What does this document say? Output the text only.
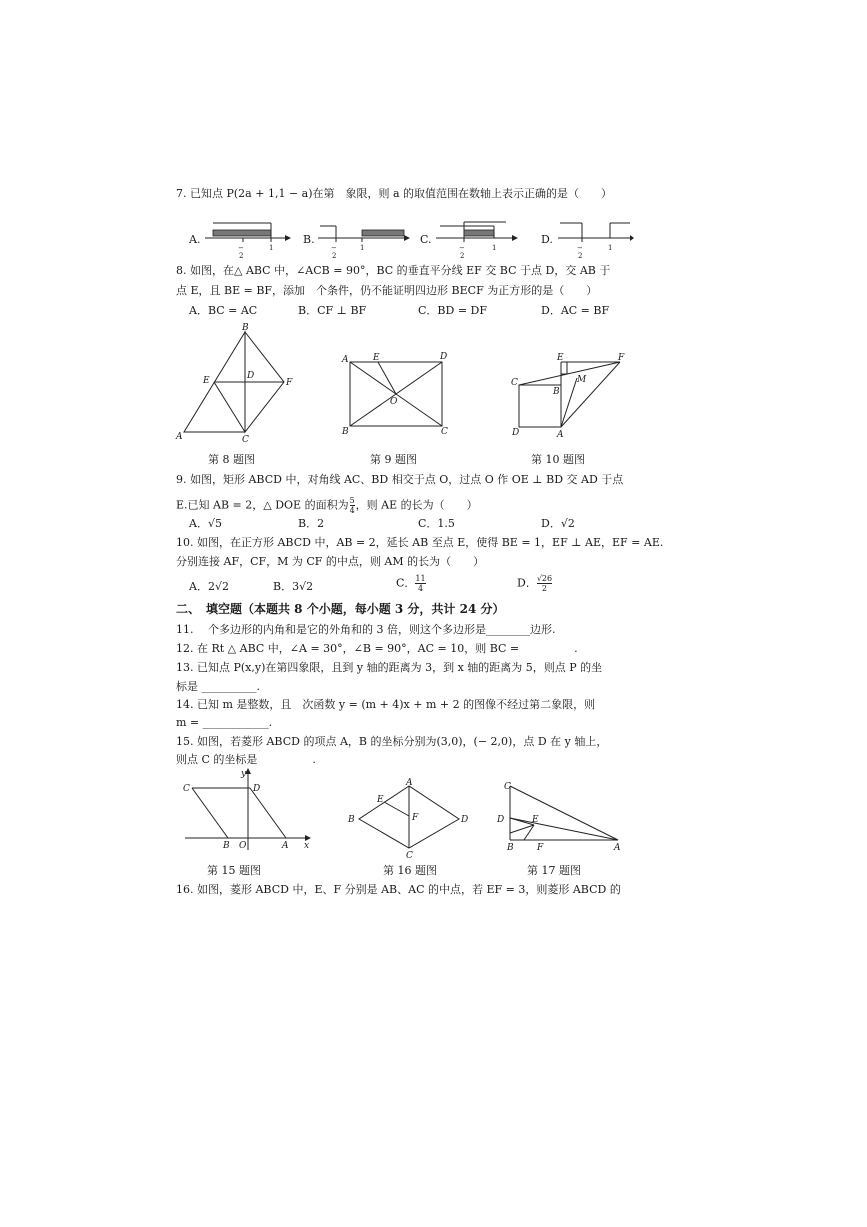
7. 已知点 P(2a + 1,1 − a)在第　象限，则 a 的取值范围在数轴上表示正确的是（　　）
A.
−
2
1
B.
−
2
1
C.
−
2
1
D.
−
2
1
8. 如图，在△ ABC 中，∠ACB = 90°，BC 的垂直平分线 EF 交 BC 于点 D，交 AB 于
点 E，且 BE = BF，添加　个条件，仍不能证明四边形 BECF 为正方形的是（　　）
A．BC = AC	B．CF ⊥ BF	C．BD = DF	D．AC = BF
B
E	D
F
A	C
第 8 题图
A	E	D
O
B	C
第 9 题图
E	F
C	M
B
D	A
第 10 题图
9. 如图，矩形 ABCD 中，对角线 AC、BD 相交于点 O，过点 O 作 OE ⊥ BD 交 AD 于点
E.已知 AB = 2，△ DOE 的面积为 $\frac{5}{4}$ ，则 AE 的长为（　　）
A．√5	B．2	C．1.5	D．√2
10. 如图，在正方形 ABCD 中，AB = 2，延长 AB 至点 E，使得 BE = 1，EF ⊥ AE，EF = AE.
分别连接 AF，CF，M 为 CF 的中点，则 AM 的长为（　　）
A．2√2	B．3√2	C． $\frac{11}{4}$	D． $\frac{√26}{2}$
二、　填空题（本题共 8 个小题，每小题 3 分，共计 24 分）
11.　 个多边形的内角和是它的外角和的 3 倍，则这个多边形是________边形.
12. 在 Rt △ ABC 中，∠A = 30°，∠B = 90°，AC = 10，则 BC =　　　　　.
13. 已知点 P(x,y)在第四象限，且到 y 轴的距离为 3，到 x 轴的距离为 5，则点 P 的坐
标是 __________.
14. 已知 m 是整数，且　次函数 y = (m + 4)x + m + 2 的图像不经过第二象限，则
m = ____________.
15. 如图，若菱形 ABCD 的项点 A，B 的坐标分别为(3,0)，(− 2,0)，点 D 在 y 轴上，
则点 C 的坐标是　　　　　.
y
C	D
B O	A x
第 15 题图
A
E
B	F	D
C
第 16 题图
C
D	E
B	F	A
第 17 题图
16. 如图，菱形 ABCD 中，E、F 分别是 AB、AC 的中点，若 EF = 3，则菱形 ABCD 的
